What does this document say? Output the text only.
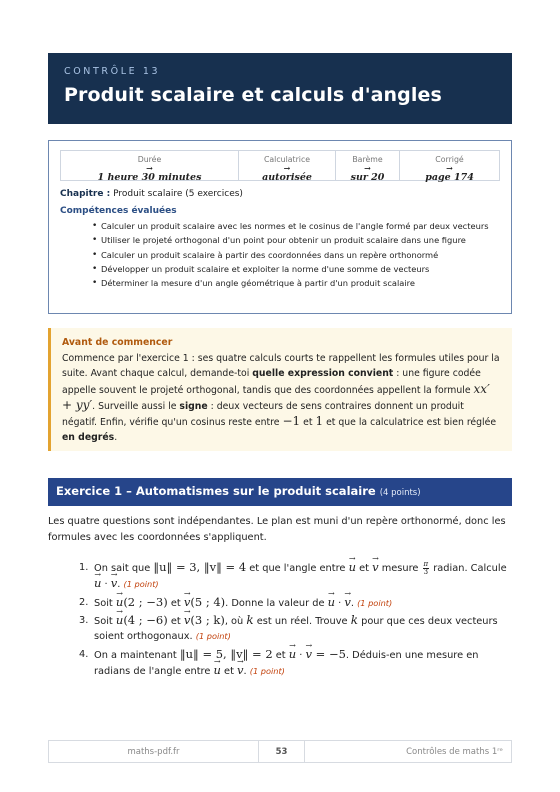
CONTRÔLE 13
Produit scalaire et calculs d'angles
Durée
→ 1 heure 30 minutes
Calculatrice
→ autorisée
Barème
→ sur 20
Corrigé
→ page 174
Chapitre : Produit scalaire (5 exercices)
Compétences évaluées
• Calculer un produit scalaire avec les normes et le cosinus de l'angle formé par deux vecteurs
• Utiliser le projeté orthogonal d'un point pour obtenir un produit scalaire dans une figure
• Calculer un produit scalaire à partir des coordonnées dans un repère orthonormé
• Développer un produit scalaire et exploiter la norme d'une somme de vecteurs
• Déterminer la mesure d'un angle géométrique à partir d'un produit scalaire
Avant de commencer
Commence par l'exercice 1 : ses quatre calculs courts te rappellent les formules utiles pour la suite. Avant chaque calcul, demande-toi quelle expression convient : une figure codée appelle souvent le projeté orthogonal, tandis que des coordonnées appellent la formule xx′ + yy′. Surveille aussi le signe : deux vecteurs de sens contraires donnent un produit négatif. Enfin, vérifie qu'un cosinus reste entre −1 et 1 et que la calculatrice est bien réglée en degrés.
Exercice 1 – Automatismes sur le produit scalaire (4 points)
Les quatre questions sont indépendantes. Le plan est muni d'un repère orthonormé, donc les formules avec les coordonnées s'appliquent.
1. On sait que ‖u‖ = 3, ‖v‖ = 4 et que l'angle entre → u et → v mesure $\frac{\pi}{3}$ radian. Calcule → u · → v. (1 point)
2. Soit → u(2 ; −3) et → v(5 ; 4). Donne la valeur de → u · → v. (1 point)
3. Soit → u(4 ; −6) et → v(3 ; k), où k est un réel. Trouve k pour que ces deux vecteurs soient orthogonaux. (1 point)
4. On a maintenant ‖u‖ = 5, ‖v‖ = 2 et → u · → v = −5. Déduis-en une mesure en radians de l'angle entre → u et → v. (1 point)
maths-pdf.fr	53	Contrôles de maths 1ʳᵉ
